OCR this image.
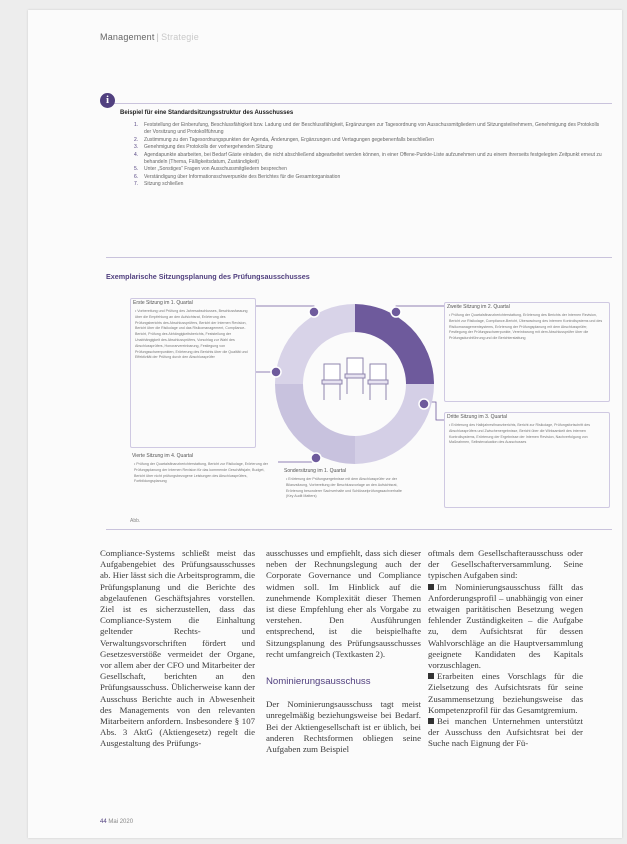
Management | Strategie
i
Beispiel für eine Standardsitzungsstruktur des Ausschusses
1. Feststellung der Einberufung, Beschlussfähigkeit bzw. Ladung und der Beschlussfähigkeit, Ergänzungen zur Tagesordnung von Ausschussmitgliedern und Sitzungsteilnehmern, Genehmigung des Protokolls der Vorsitzung und Protokollführung
2. Zustimmung zu den Tagesordnungspunkten der Agenda, Änderungen, Ergänzungen und Vertagungen gegebenenfalls beschließen
3. Genehmigung des Protokolls der vorhergehenden Sitzung
4. Agendapunkte abarbeiten, bei Bedarf Gäste einladen, die nicht abschließend abgearbeitet werden können, in einer Offene-Punkte-Liste aufzunehmen und zu einem ihrerseits festgelegten Zeitpunkt erneut zu behandeln (Thema, Fälligkeitsdatum, Zuständigkeit)
5. Unter „Sonstiges“ Fragen von Ausschussmitgliedern besprechen
6. Verständigung über Informationsschwerpunkte des Berichtes für die Gesamtorganisation
7. Sitzung schließen
Exemplarische Sitzungsplanung des Prüfungsausschusses
Erste Sitzung im 1. Quartal
• Vorbereitung und Prüfung des Jahresabschlusses, Beschlussfassung über die Empfehlung an den Aufsichtsrat, Erörterung des Prüfungsberichts des Abschlussprüfers, Bericht der Internen Revision, Bericht über die Risikolage und das Risikomanagement, Compliance-Bericht, Prüfung des Abhängigkeitsberichts, Feststellung der Unabhängigkeit des Abschlussprüfers, Vorschlag zur Wahl des Abschlussprüfers, Honorarvereinbarung, Festlegung von Prüfungsschwerpunkten, Erörterung des Berichts über die Qualität und Effektivität der Prüfung durch den Abschlussprüfer
Zweite Sitzung im 2. Quartal
• Prüfung der Quartalsfinanzberichterstattung, Erörterung des Berichts der Internen Revision, Bericht zur Risikolage, Compliance-Bericht, Überwachung des internen Kontrollsystems und des Risikomanagementsystems, Erörterung der Prüfungsplanung mit dem Abschlussprüfer, Festlegung der Prüfungsschwerpunkte, Vereinbarung mit dem Abschlussprüfer über die Prüfungsdurchführung und die Berichterstattung
Dritte Sitzung im 3. Quartal
• Erörterung des Halbjahresfinanzberichts, Bericht zur Risikolage, Prüfungsfortschritt des Abschlussprüfers und Zwischenergebnisse, Bericht über die Wirksamkeit des internen Kontrollsystems, Erörterung der Ergebnisse der Internen Revision, Nachverfolgung von Maßnahmen, Selbstevaluation des Ausschusses
Vierte Sitzung im 4. Quartal
• Prüfung der Quartalsfinanzberichterstattung, Bericht zur Risikolage, Erörterung der Prüfungsplanung der Internen Revision für das kommende Geschäftsjahr, Budget, Bericht über nicht prüfungsbezogene Leistungen des Abschlussprüfers, Fortbildungsplanung
Sondersitzung im 1. Quartal
• Erörterung der Prüfungsergebnisse mit dem Abschlussprüfer vor der Bilanzsitzung, Vorbereitung der Beschlussvorlage an den Aufsichtsrat, Erörterung besonderer Sachverhalte und Schlüsselprüfungssachverhalte (Key Audit Matters)
Abb.

Compliance-Systems schließt meist das Aufgabengebiet des Prüfungsausschusses ab. Hier lässt sich die Arbeitsprogramm, die Prüfungsplanung und die Berichte des abgelaufenen Geschäftsjahres vorstellen. Ziel ist es sicherzustellen, dass das Compliance-System die Einhaltung geltender Rechts- und Verwaltungsvorschriften fördert und Gesetzesverstöße vermeidet der Organe, vor allem aber der CFO und Mitarbeiter der Gesellschaft, berichten an den Prüfungsausschuss. Üblicherweise kann der Ausschuss Berichte auch in Abwesenheit des Managements von den relevanten Mitarbeitern anfordern. Insbesondere § 107 Abs. 3 AktG (Aktiengesetz) regelt die Ausgestaltung des Prüfungs-

ausschusses und empfiehlt, dass sich dieser neben der Rechnungslegung auch der Corporate Governance und Compliance widmen soll. Im Hinblick auf die zunehmende Komplexität dieser Themen ist diese Empfehlung eher als Vorgabe zu verstehen. Den Ausführungen entsprechend, ist die beispielhafte Sitzungsplanung des Prüfungsausschusses recht umfangreich (Textkasten 2).

Nominierungsausschuss

Der Nominierungsausschuss tagt meist unregelmäßig beziehungsweise bei Bedarf. Bei der Aktiengesellschaft ist er üblich, bei anderen Rechtsformen obliegen seine Aufgaben zum Beispiel

oftmals dem Gesellschafterausschuss oder der Gesellschafterversammlung. Seine typischen Aufgaben sind:

Im Nominierungsausschuss fällt das Anforderungsprofil – unabhängig von einer etwaigen paritätischen Besetzung wegen fehlender Zuständigkeiten – die Aufgabe zu, dem Aufsichtsrat für dessen Wahlvorschläge an die Hauptversammlung geeignete Kandidaten des Kapitals vorzuschlagen.

Erarbeiten eines Vorschlags für die Zielsetzung des Aufsichtsrats für seine Zusammensetzung beziehungsweise das Kompetenzprofil für das Gesamtgremium.

Bei manchen Unternehmen unterstützt der Ausschuss den Aufsichtsrat bei der Suche nach Eignung der Fü-

44 Mai 2020
